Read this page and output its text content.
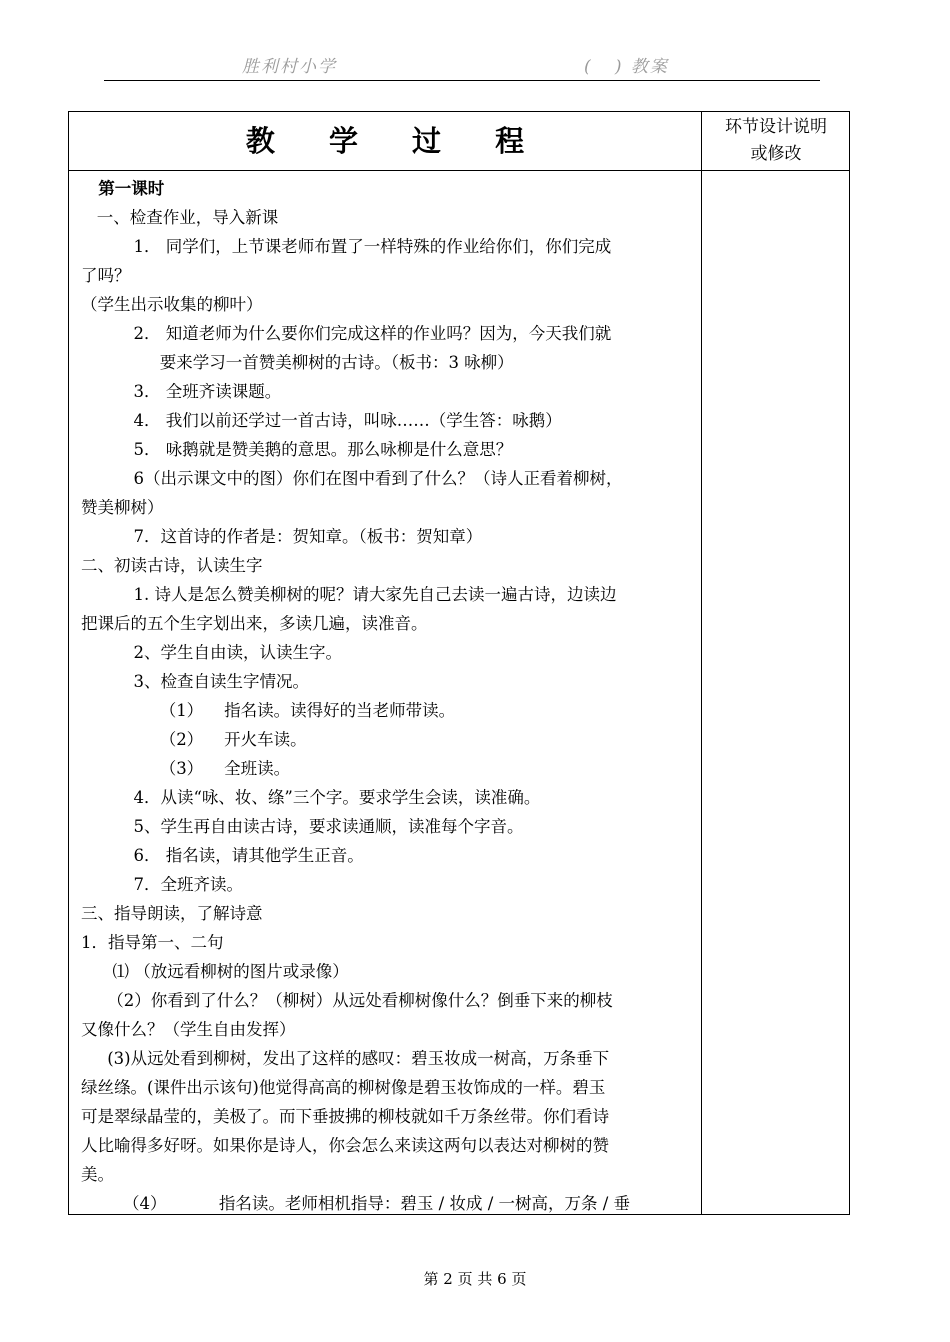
胜利村小学	(   ) 教案
教 学 过 程	环节设计说明
或修改

第一课时

一、检查作业，导入新课

1． 同学们，上节课老师布置了一样特殊的作业给你们，你们完成

了吗？

（学生出示收集的柳叶）

2． 知道老师为什么要你们完成这样的作业吗？因为，今天我们就

要来学习一首赞美柳树的古诗。（板书：3 咏柳）

3． 全班齐读课题。

4． 我们以前还学过一首古诗，叫咏……（学生答：咏鹅）

5． 咏鹅就是赞美鹅的意思。那么咏柳是什么意思？

6（出示课文中的图）你们在图中看到了什么？（诗人正看着柳树，

赞美柳树）

7．这首诗的作者是：贺知章。（板书：贺知章）

二、初读古诗，认读生字

1. 诗人是怎么赞美柳树的呢？请大家先自己去读一遍古诗，边读边

把课后的五个生字划出来，多读几遍，读准音。

2、学生自由读，认读生字。

3、检查自读生字情况。

（1）    指名读。读得好的当老师带读。

（2）    开火车读。

（3）    全班读。

4．从读“咏、妆、绦”三个字。要求学生会读，读准确。

5、学生再自由读古诗，要求读通顺，读准每个字音。

6． 指名读，请其他学生正音。

7．全班齐读。

三、指导朗读，了解诗意

1．指导第一、二句

⑴ （放远看柳树的图片或录像）

（2）你看到了什么？（柳树）从远处看柳树像什么？倒垂下来的柳枝

又像什么？（学生自由发挥）

(3)从远处看到柳树，发出了这样的感叹：碧玉妆成一树高，万条垂下

绿丝绦。(课件出示该句)他觉得高高的柳树像是碧玉妆饰成的一样。碧玉

可是翠绿晶莹的，美极了。而下垂披拂的柳枝就如千万条丝带。你们看诗

人比喻得多好呀。如果你是诗人，你会怎么来读这两句以表达对柳树的赞

美。

（4）          指名读。老师相机指导：碧玉 / 妆成 / 一树高，万条 / 垂

第 2 页 共 6 页
